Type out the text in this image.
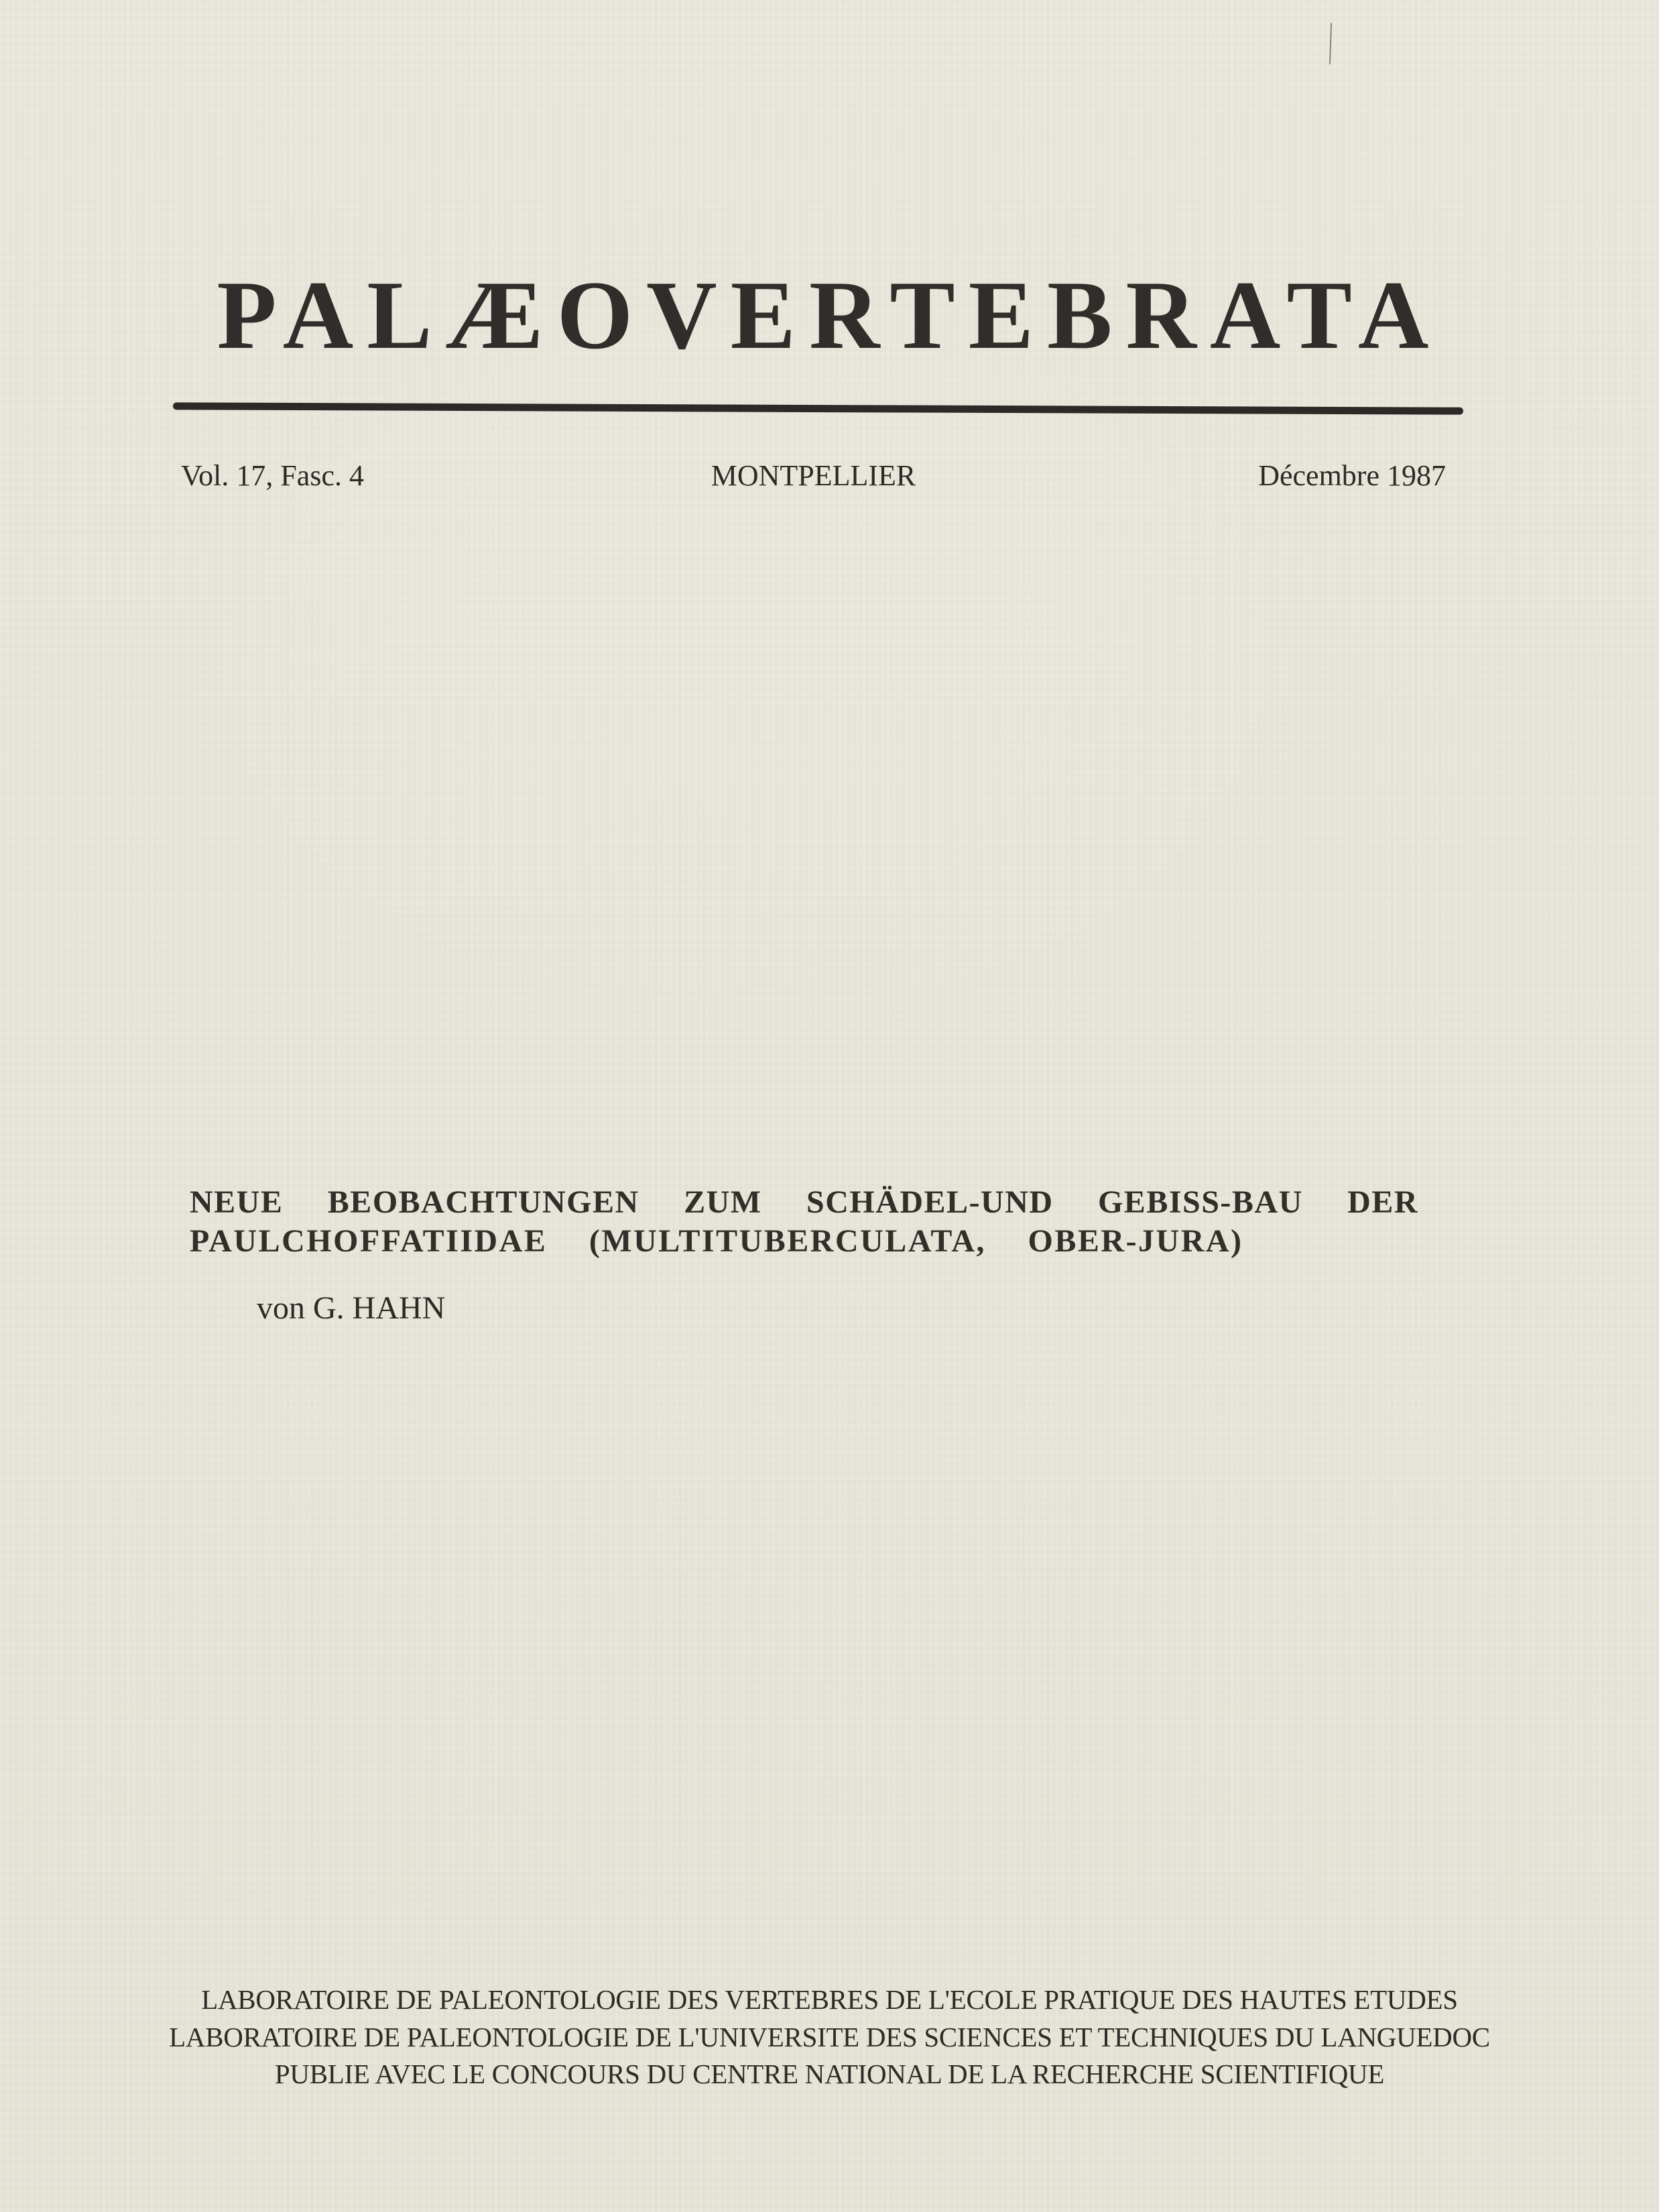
PALÆOVERTEBRATA
Vol. 17, Fasc. 4	MONTPELLIER	Décembre 1987
NEUE BEOBACHTUNGEN ZUM SCHÄDEL-UND GEBISS-BAU DER
PAULCHOFFATIIDAE (MULTITUBERCULATA, OBER-JURA)
von G. HAHN
LABORATOIRE DE PALEONTOLOGIE DES VERTEBRES DE L'ECOLE PRATIQUE DES HAUTES ETUDES
LABORATOIRE DE PALEONTOLOGIE DE L'UNIVERSITE DES SCIENCES ET TECHNIQUES DU LANGUEDOC
PUBLIE AVEC LE CONCOURS DU CENTRE NATIONAL DE LA RECHERCHE SCIENTIFIQUE
